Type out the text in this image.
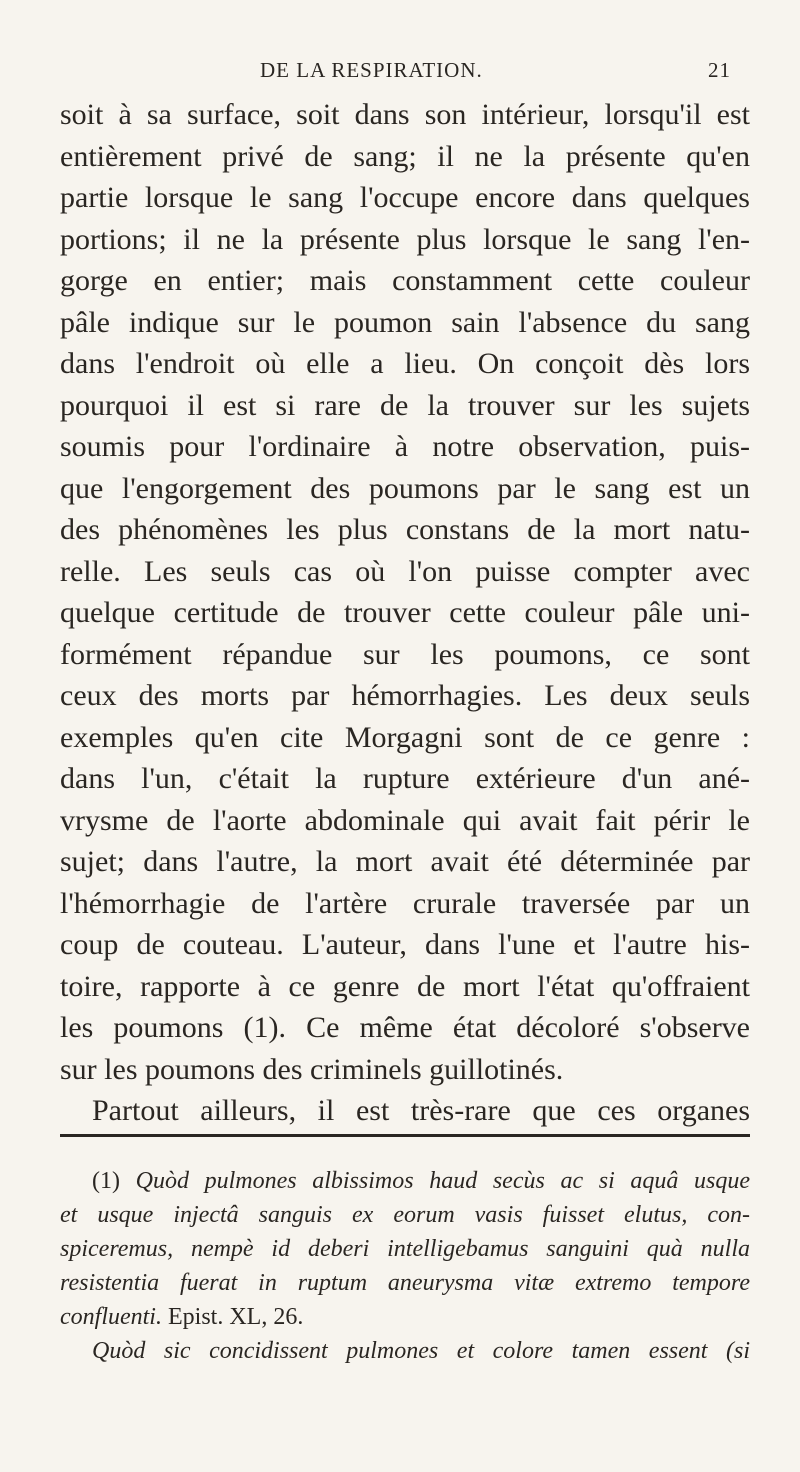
DE LA RESPIRATION.	21
soit à sa surface, soit dans son intérieur, lorsqu'il est
entièrement privé de sang; il ne la présente qu'en
partie lorsque le sang l'occupe encore dans quelques
portions; il ne la présente plus lorsque le sang l'en-
gorge en entier; mais constamment cette couleur
pâle indique sur le poumon sain l'absence du sang
dans l'endroit où elle a lieu. On conçoit dès lors
pourquoi il est si rare de la trouver sur les sujets
soumis pour l'ordinaire à notre observation, puis-
que l'engorgement des poumons par le sang est un
des phénomènes les plus constans de la mort natu-
relle. Les seuls cas où l'on puisse compter avec
quelque certitude de trouver cette couleur pâle uni-
formément répandue sur les poumons, ce sont
ceux des morts par hémorrhagies. Les deux seuls
exemples qu'en cite Morgagni sont de ce genre :
dans l'un, c'était la rupture extérieure d'un ané-
vrysme de l'aorte abdominale qui avait fait périr le
sujet; dans l'autre, la mort avait été déterminée par
l'hémorrhagie de l'artère crurale traversée par un
coup de couteau. L'auteur, dans l'une et l'autre his-
toire, rapporte à ce genre de mort l'état qu'offraient
les poumons (1). Ce même état décoloré s'observe
sur les poumons des criminels guillotinés.
Partout ailleurs, il est très-rare que ces organes
(1) Quòd pulmones albissimos haud secùs ac si aquâ usque
et usque injectâ sanguis ex eorum vasis fuisset elutus, con-
spiceremus, nempè id deberi intelligebamus sanguini quà nulla
resistentia fuerat in ruptum aneurysma vitæ extremo tempore
confluenti. Epist. XL, 26.
Quòd sic concidissent pulmones et colore tamen essent (si
